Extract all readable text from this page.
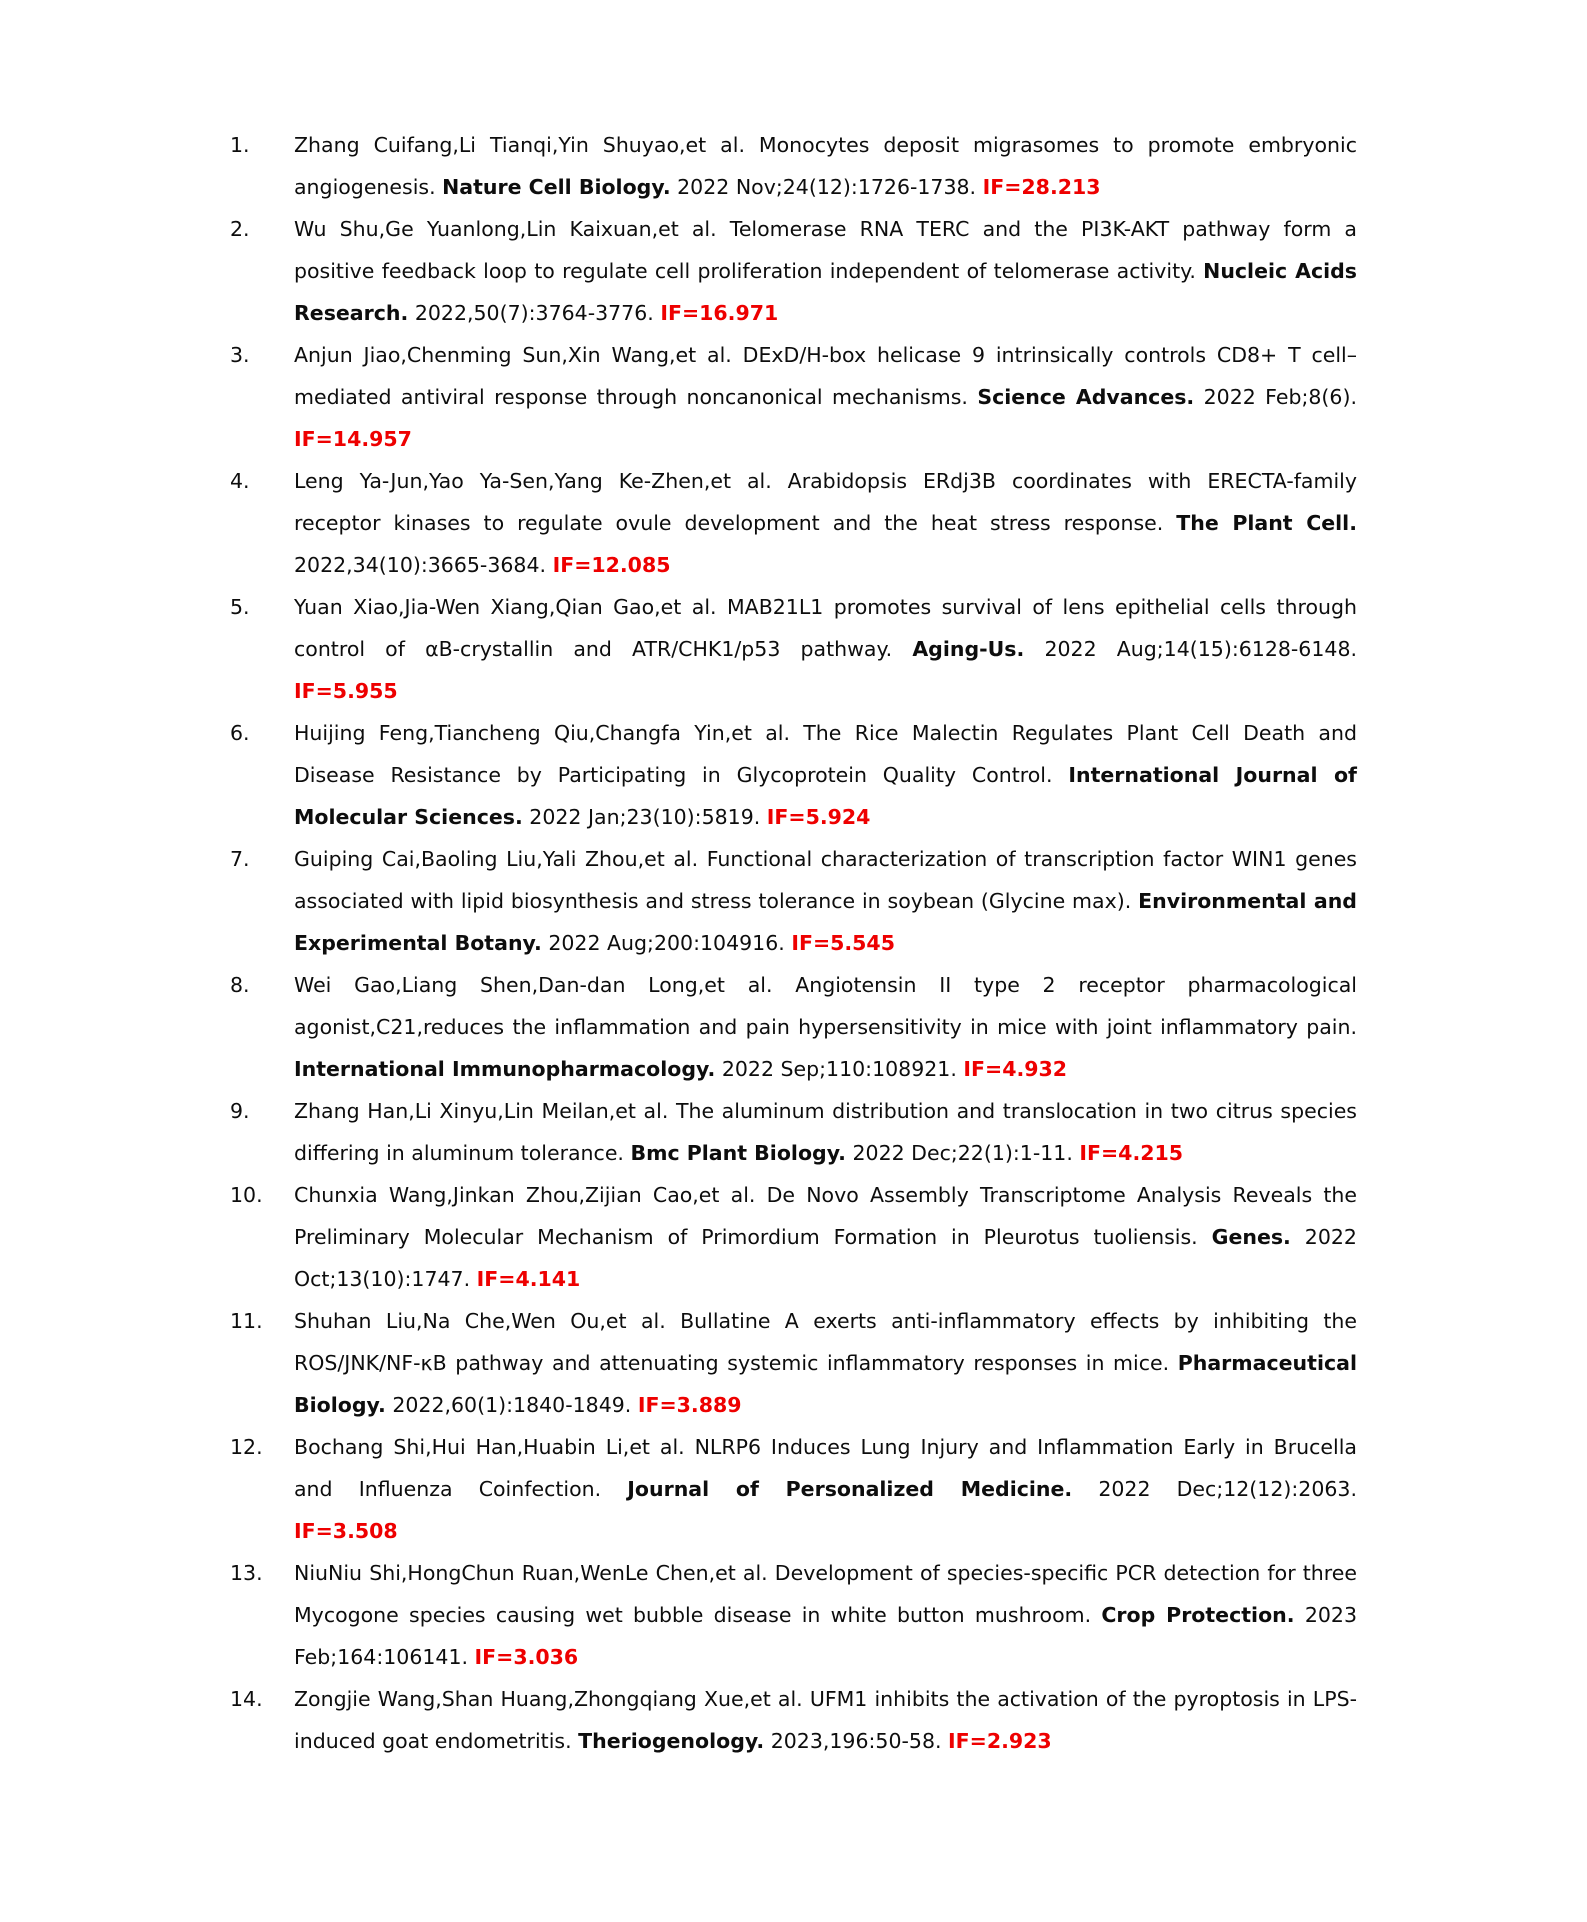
1.	Zhang Cuifang,Li Tianqi,Yin Shuyao,et al. Monocytes deposit migrasomes to promote embryonic angiogenesis. Nature Cell Biology. 2022 Nov;24(12):1726-1738. IF=28.213
2.	Wu Shu,Ge Yuanlong,Lin Kaixuan,et al. Telomerase RNA TERC and the PI3K-AKT pathway form a positive feedback loop to regulate cell proliferation independent of telomerase activity. Nucleic Acids Research. 2022,50(7):3764-3776. IF=16.971
3.	Anjun Jiao,Chenming Sun,Xin Wang,et al. DExD/H-box helicase 9 intrinsically controls CD8+ T cell–mediated antiviral response through noncanonical mechanisms. Science Advances. 2022 Feb;8(6). IF=14.957
4.	Leng Ya-Jun,Yao Ya-Sen,Yang Ke-Zhen,et al. Arabidopsis ERdj3B coordinates with ERECTA-family receptor kinases to regulate ovule development and the heat stress response. The Plant Cell. 2022,34(10):3665-3684. IF=12.085
5.	Yuan Xiao,Jia-Wen Xiang,Qian Gao,et al. MAB21L1 promotes survival of lens epithelial cells through control of αB-crystallin and ATR/CHK1/p53 pathway. Aging-Us. 2022 Aug;14(15):6128-6148.
IF=5.955
6.	Huijing Feng,Tiancheng Qiu,Changfa Yin,et al. The Rice Malectin Regulates Plant Cell Death and Disease Resistance by Participating in Glycoprotein Quality Control. International Journal of Molecular Sciences. 2022 Jan;23(10):5819. IF=5.924
7.	Guiping Cai,Baoling Liu,Yali Zhou,et al. Functional characterization of transcription factor WIN1 genes associated with lipid biosynthesis and stress tolerance in soybean (Glycine max). Environmental and Experimental Botany. 2022 Aug;200:104916. IF=5.545
8.	Wei Gao,Liang Shen,Dan-dan Long,et al. Angiotensin II type 2 receptor pharmacological agonist,C21,reduces the inflammation and pain hypersensitivity in mice with joint inflammatory pain. International Immunopharmacology. 2022 Sep;110:108921. IF=4.932
9.	Zhang Han,Li Xinyu,Lin Meilan,et al. The aluminum distribution and translocation in two citrus species differing in aluminum tolerance. Bmc Plant Biology. 2022 Dec;22(1):1-11. IF=4.215
10.	Chunxia Wang,Jinkan Zhou,Zijian Cao,et al. De Novo Assembly Transcriptome Analysis Reveals the Preliminary Molecular Mechanism of Primordium Formation in Pleurotus tuoliensis. Genes. 2022 Oct;13(10):1747. IF=4.141
11.	Shuhan Liu,Na Che,Wen Ou,et al. Bullatine A exerts anti-inflammatory effects by inhibiting the ROS/JNK/NF-κB pathway and attenuating systemic inflammatory responses in mice. Pharmaceutical Biology. 2022,60(1):1840-1849. IF=3.889
12.	Bochang Shi,Hui Han,Huabin Li,et al. NLRP6 Induces Lung Injury and Inflammation Early in Brucella and Influenza Coinfection. Journal of Personalized Medicine. 2022 Dec;12(12):2063.
IF=3.508
13.	NiuNiu Shi,HongChun Ruan,WenLe Chen,et al. Development of species-specific PCR detection for three Mycogone species causing wet bubble disease in white button mushroom. Crop Protection. 2023 Feb;164:106141. IF=3.036
14.	Zongjie Wang,Shan Huang,Zhongqiang Xue,et al. UFM1 inhibits the activation of the pyroptosis in LPS-induced goat endometritis. Theriogenology. 2023,196:50-58. IF=2.923
